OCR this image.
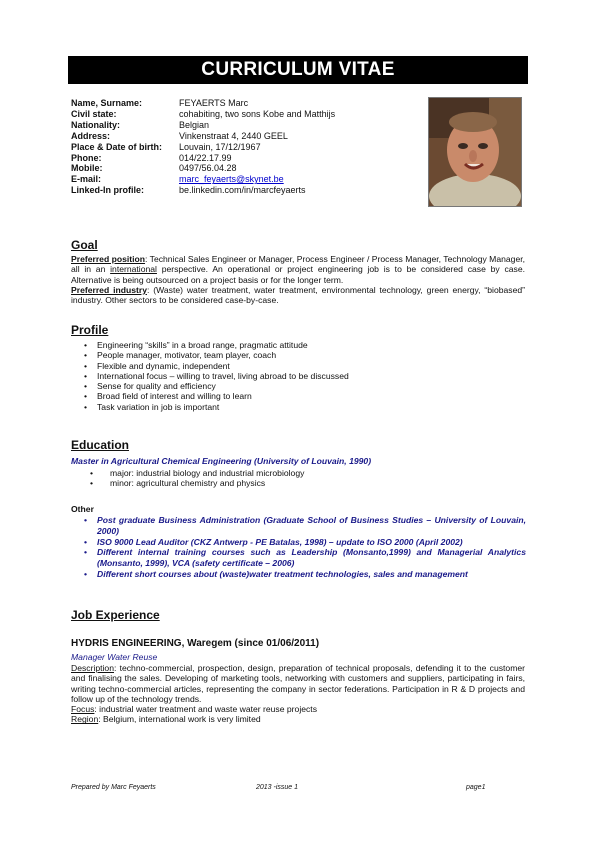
CURRICULUM VITAE
Name, Surname:	FEYAERTS Marc
Civil state:	cohabiting, two sons Kobe and Matthijs
Nationality:	Belgian
Address:	Vinkenstraat 4, 2440 GEEL
Place & Date of birth:	Louvain, 17/12/1967
Phone:	014/22.17.99
Mobile:	0497/56.04.28
E-mail:	marc_feyaerts@skynet.be
Linked-In profile:	be.linkedin.com/in/marcfeyaerts
Goal

Preferred position: Technical Sales Engineer or Manager, Process Engineer / Process Manager, Technology Manager, all in an international perspective. An operational or project engineering job is to be considered case by case. Alternative is being outsourced on a project basis or for the longer term.
Preferred industry: (Waste) water treatment, water treatment, environmental technology, green energy, “biobased” industry. Other sectors to be considered case-by-case.

Profile
• Engineering “skills” in a broad range, pragmatic attitude
• People manager, motivator, team player, coach
• Flexible and dynamic, independent
• International focus – willing to travel, living abroad to be discussed
• Sense for quality and efficiency
• Broad field of interest and willing to learn
• Task variation in job is important
Education
Master in Agricultural Chemical Engineering (University of Louvain, 1990)
• major: industrial biology and industrial microbiology
• minor: agricultural chemistry and physics
Other
• Post graduate Business Administration (Graduate School of Business Studies – University of Louvain, 2000)
• ISO 9000 Lead Auditor (CKZ Antwerp - PE Batalas, 1998) – update to ISO 2000 (April 2002)
• Different internal training courses such as Leadership (Monsanto,1999) and Managerial Analytics (Monsanto, 1999), VCA (safety certificate – 2006)
• Different short courses about (waste)water treatment technologies, sales and management
Job Experience
HYDRIS ENGINEERING, Waregem (since 01/06/2011)
Manager Water Reuse

Description: techno-commercial, prospection, design, preparation of technical proposals, defending it to the customer and finalising the sales. Developing of marketing tools, networking with customers and suppliers, participating in fairs, writing techno-commercial articles, representing the company in sector federations. Participation in R & D projects and follow up of the technology trends.
Focus: industrial water treatment and waste water reuse projects
Region: Belgium, international work is very limited

Prepared by Marc Feyaerts	2013 -issue 1	page1
